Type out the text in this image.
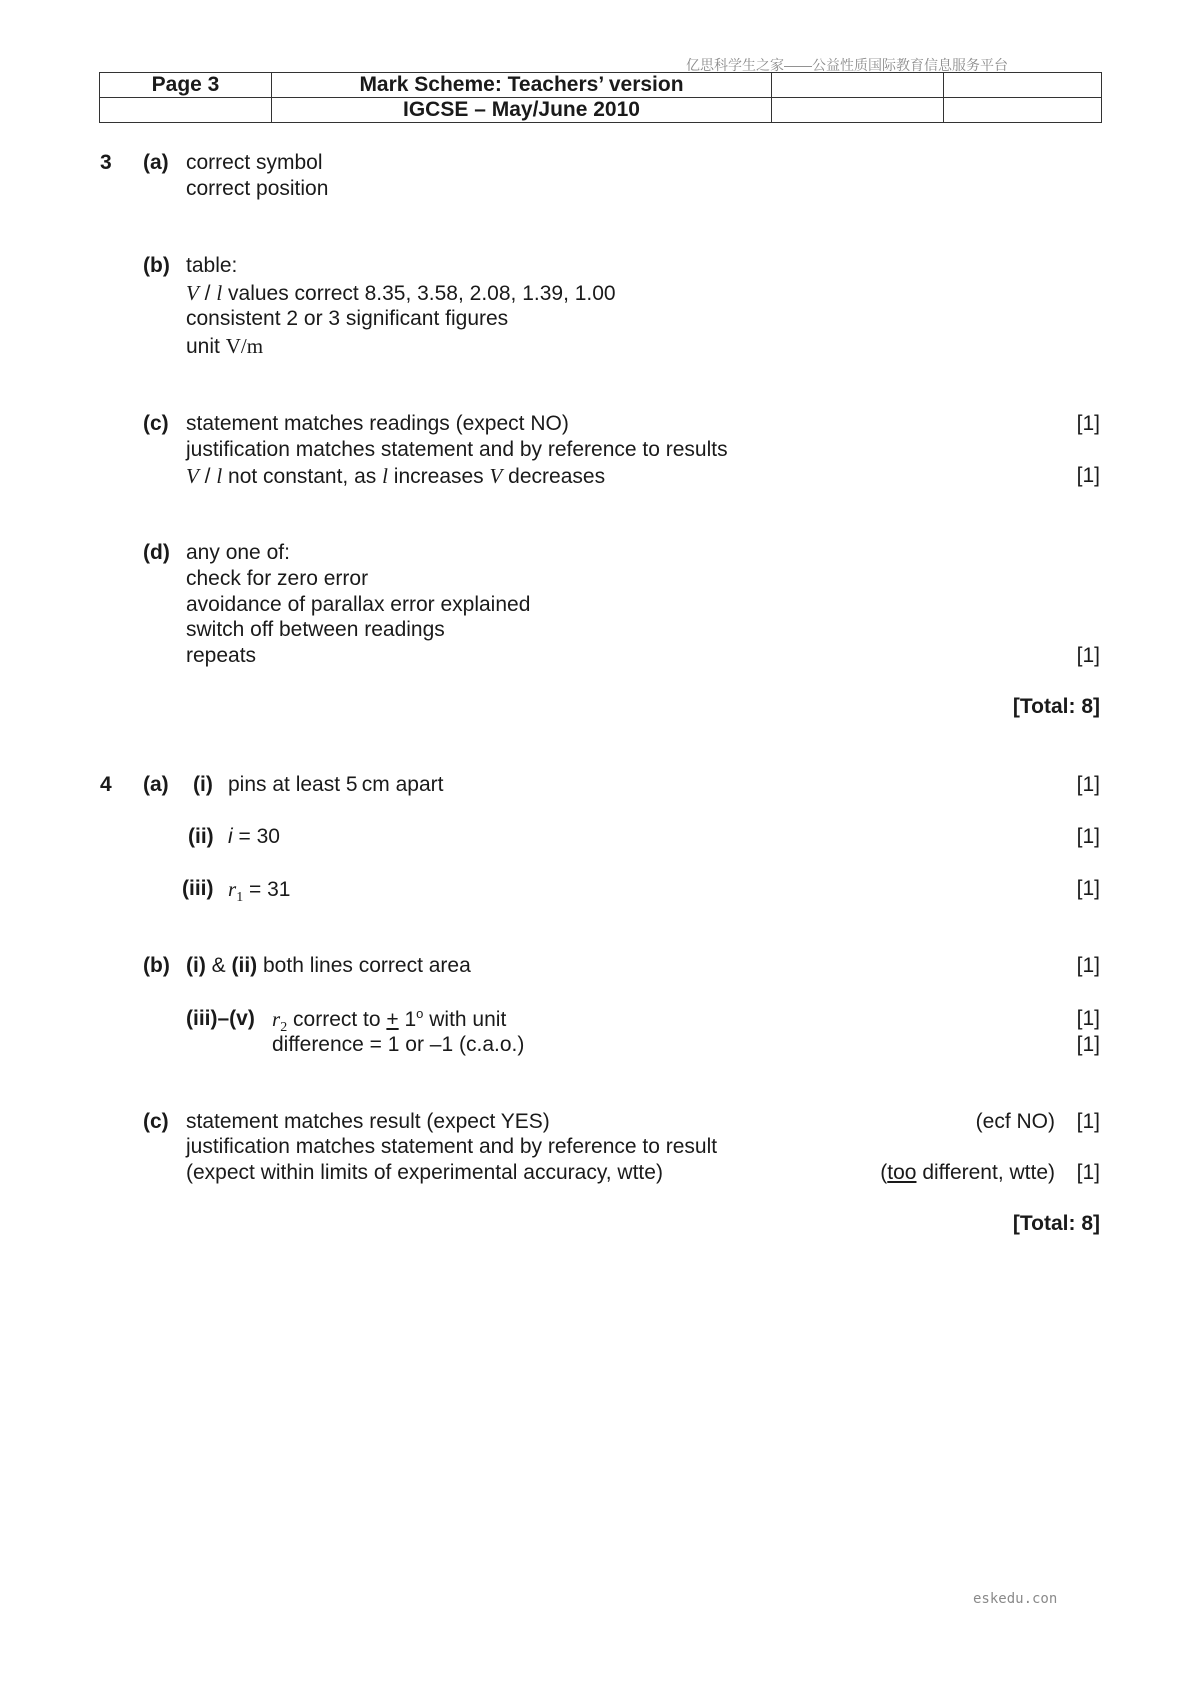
亿思科学生之家——公益性质国际教育信息服务平台
Page 3	Mark Scheme: Teachers’ version		
	IGCSE – May/June 2010		
3 (a) correct symbol
correct position
(b) table:
V / l values correct 8.35, 3.58, 2.08, 1.39, 1.00
consistent 2 or 3 significant figures
unit V/m
(c) statement matches readings (expect NO)	[1]
justification matches statement and by reference to results
V / l not constant, as l increases V decreases	[1]
(d) any one of:
check for zero error
avoidance of parallax error explained
switch off between readings
repeats	[1]
[Total: 8]
4 (a) (i) pins at least 5 cm apart	[1]
(ii) i = 30	[1]
(iii) $r_1 = 31$	[1]
(b) (i) & (ii) both lines correct area	[1]
(iii)–(v) $r_2$ correct to + $1^o$ with unit	[1]
difference = 1 or –1 (c.a.o.)	[1]
(c) statement matches result (expect YES)	(ecf NO) [1]
justification matches statement and by reference to result
(expect within limits of experimental accuracy, wtte)	(too different, wtte) [1]
[Total: 8]
eskedu.con
